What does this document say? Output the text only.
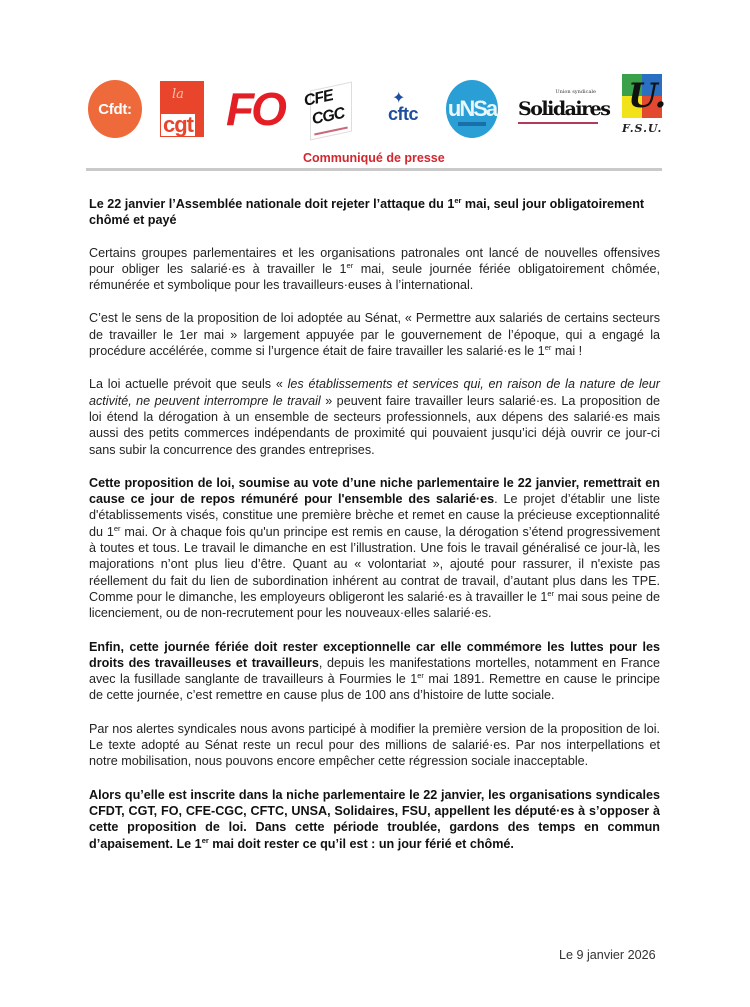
Cfdt:
la
cgt FO CFE
CGC
✦
cftc uNSa
Union syndicale
Solidaires U.
F.S.U.
Communiqué de presse

Le 22 janvier l’Assemblée nationale doit rejeter l’attaque du 1er mai, seul jour obligatoirement chômé et payé

Certains groupes parlementaires et les organisations patronales ont lancé de nouvelles offensives pour obliger les salarié·es à travailler le 1er mai, seule journée fériée obligatoirement chômée, rémunérée et symbolique pour les travailleurs·euses à l’international.

C’est le sens de la proposition de loi adoptée au Sénat, « Permettre aux salariés de certains secteurs de travailler le 1er mai » largement appuyée par le gouvernement de l’époque, qui a engagé la procédure accélérée, comme si l’urgence était de faire travailler les salarié·es le 1er mai !

La loi actuelle prévoit que seuls « les établissements et services qui, en raison de la nature de leur activité, ne peuvent interrompre le travail » peuvent faire travailler leurs salarié·es. La proposition de loi étend la dérogation à un ensemble de secteurs professionnels, aux dépens des salarié·es mais aussi des petits commerces indépendants de proximité qui pouvaient jusqu’ici déjà ouvrir ce jour-ci sans subir la concurrence des grandes entreprises.

Cette proposition de loi, soumise au vote d’une niche parlementaire le 22 janvier, remettrait en cause ce jour de repos rémunéré pour l'ensemble des salarié·es. Le projet d’établir une liste d'établissements visés, constitue une première brèche et remet en cause la précieuse exceptionnalité du 1er mai. Or à chaque fois qu'un principe est remis en cause, la dérogation s’étend progressivement à toutes et tous. Le travail le dimanche en est l’illustration. Une fois le travail généralisé ce jour-là, les majorations n’ont plus lieu d’être. Quant au « volontariat », ajouté pour rassurer, il n'existe pas réellement du fait du lien de subordination inhérent au contrat de travail, d’autant plus dans les TPE. Comme pour le dimanche, les employeurs obligeront les salarié·es à travailler le 1er mai sous peine de licenciement, ou de non-recrutement pour les nouveaux·elles salarié·es.

Enfin, cette journée fériée doit rester exceptionnelle car elle commémore les luttes pour les droits des travailleuses et travailleurs, depuis les manifestations mortelles, notamment en France avec la fusillade sanglante de travailleurs à Fourmies le 1er mai 1891. Remettre en cause le principe de cette journée, c’est remettre en cause plus de 100 ans d’histoire de lutte sociale.

Par nos alertes syndicales nous avons participé à modifier la première version de la proposition de loi. Le texte adopté au Sénat reste un recul pour des millions de salarié·es. Par nos interpellations et notre mobilisation, nous pouvons encore empêcher cette régression sociale inacceptable.

Alors qu’elle est inscrite dans la niche parlementaire le 22 janvier, les organisations syndicales CFDT, CGT, FO, CFE-CGC, CFTC, UNSA, Solidaires, FSU, appellent les député·es à s’opposer à cette proposition de loi. Dans cette période troublée, gardons des temps en commun d’apaisement. Le 1er mai doit rester ce qu’il est : un jour férié et chômé.

Le 9 janvier 2026
